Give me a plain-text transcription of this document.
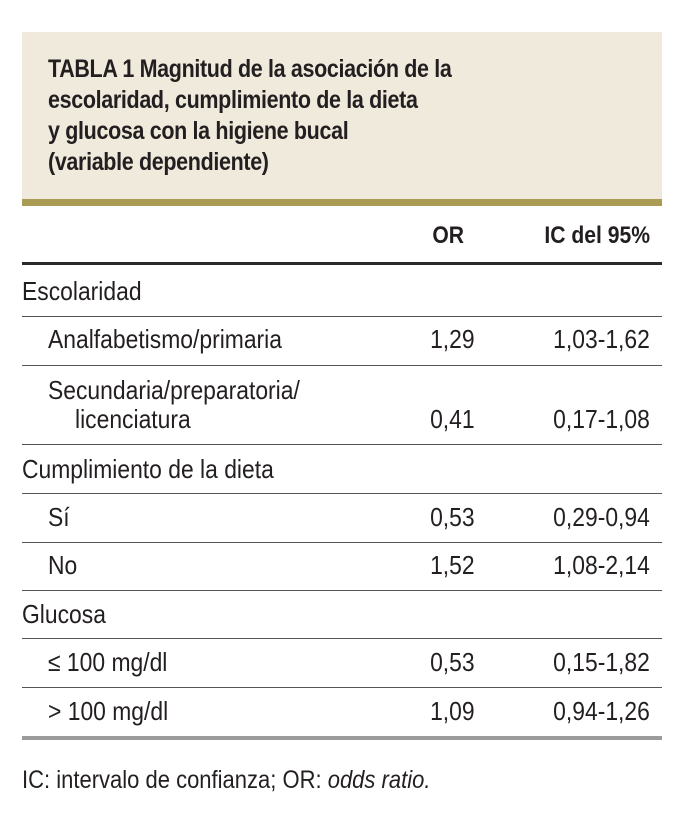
TABLA 1 Magnitud de la asociación de la
escolaridad, cumplimiento de la dieta
y glucosa con la higiene bucal
(variable dependiente)
OR	IC del 95%
Escolaridad
Analfabetismo/primaria	1,29	1,03-1,62
Secundaria/preparatoria/
licenciatura	0,41	0,17-1,08
Cumplimiento de la dieta
Sí	0,53	0,29-0,94
No	1,52	1,08-2,14
Glucosa
≤ 100 mg/dl	0,53	0,15-1,82
> 100 mg/dl	1,09	0,94-1,26
IC: intervalo de confianza; OR: odds ratio.
